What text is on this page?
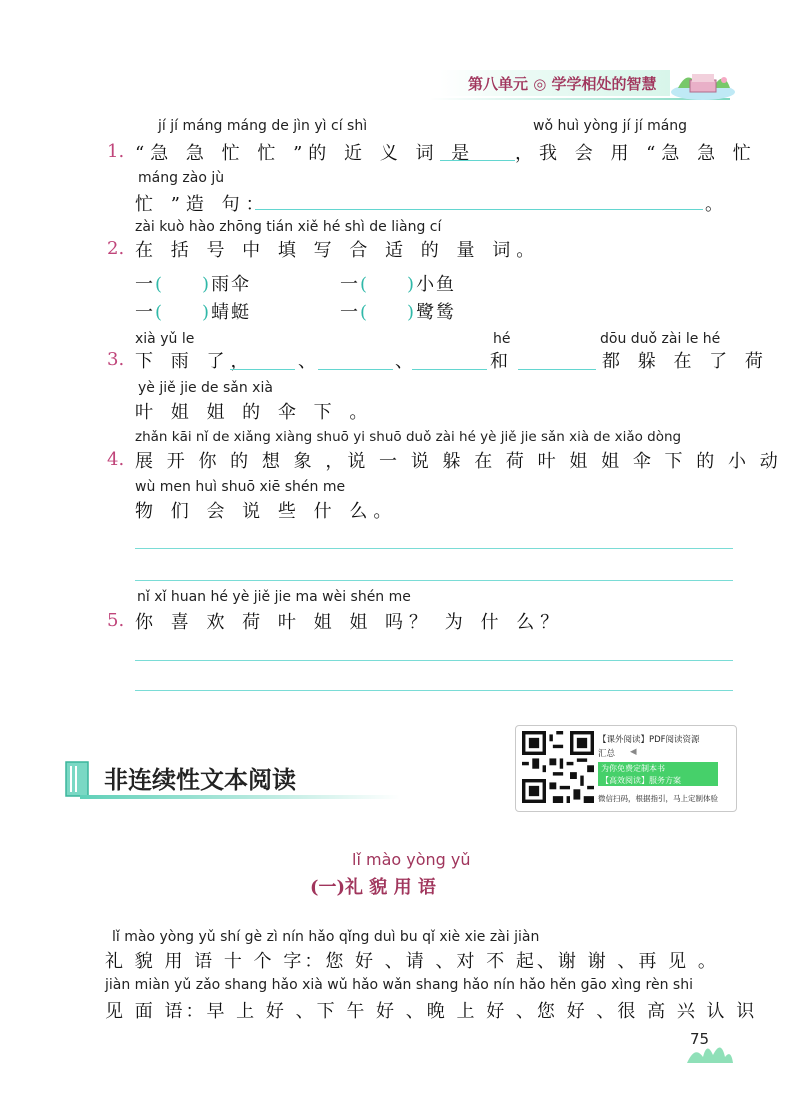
第八单元 ◎ 学学相处的智慧
jí jí máng máng de jìn yì cí shì	wǒ huì yòng jí jí máng
1. “急 急 忙 忙 ”的 近 义 词 是 ，我 会 用 “急 急 忙
máng zào jù
忙 ”造 句：	。
zài kuò hào zhōng tián xiě hé shì de liàng cí
2. 在 括 号 中 填 写 合 适 的 量 词。
一( )雨伞	一( )小鱼
一( )蜻蜓	一( )鹭鸶
xià yǔ le	hé	dōu duǒ zài le hé
3. 下 雨 了， 、	、	和	都 躲 在 了 荷
yè jiě jie de sǎn xià
叶 姐 姐 的 伞 下 。
zhǎn kāi nǐ de xiǎng xiàng shuō yi shuō duǒ zài hé yè jiě jie sǎn xià de xiǎo dòng
4. 展 开 你 的 想 象 ，说 一 说 躲 在 荷 叶 姐 姐 伞 下 的 小 动
wù men huì shuō xiē shén me
物 们 会 说 些 什 么。
nǐ xǐ huan hé yè jiě jie ma wèi shén me
5. 你 喜 欢 荷 叶 姐 姐 吗？ 为 什 么？
非连续性文本阅读
【课外阅读】PDF阅读资源
汇总 ◀
为你免费定制本书
【高效阅读】服务方案
微信扫码，根据指引，马上定制体验
lǐ mào yòng yǔ
(一)礼 貌 用 语
lǐ mào yòng yǔ shí gè zì nín hǎo qǐng duì bu qǐ xiè xie zài jiàn
礼 貌 用 语 十 个 字：您 好 、请 、对 不 起、谢 谢 、再 见 。
jiàn miàn yǔ zǎo shang hǎo xià wǔ hǎo wǎn shang hǎo nín hǎo hěn gāo xìng rèn shi
见 面 语：早 上 好 、下 午 好 、晚 上 好 、您 好 、很 高 兴 认 识
75
